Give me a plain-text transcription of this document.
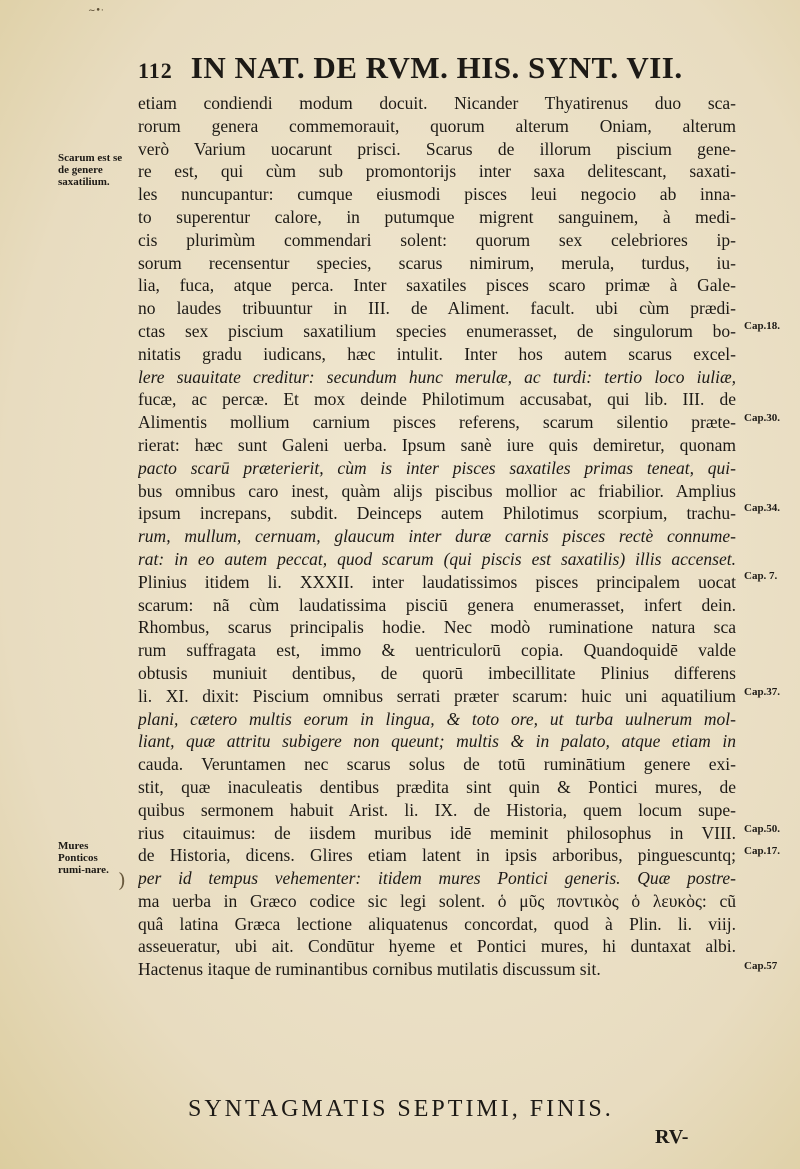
~•·
112 IN NAT. DE RVM. HIS. SYNT. VII.
etiam condiendi modum docuit. Nicander Thyatirenus duo sca-
rorum genera commemorauit, quorum alterum Oniam, alterum
verò Varium uocarunt prisci. Scarus de illorum piscium gene-
re est, qui cùm sub promontorijs inter saxa delitescant, saxati-
les nuncupantur: cumque eiusmodi pisces leui negocio ab inna-
to superentur calore, in putumque migrent sanguinem, à medi-
cis plurimùm commendari solent: quorum sex celebriores ip-
sorum recensentur species, scarus nimirum, merula, turdus, iu-
lia, fuca, atque perca. Inter saxatiles pisces scaro primæ à Gale-
no laudes tribuuntur in III. de Aliment. facult. ubi cùm prædi-
ctas sex piscium saxatilium species enumerasset, de singulorum bo-
nitatis gradu iudicans, hæc intulit. Inter hos autem scarus excel-
lere suauitate creditur: secundum hunc merulæ, ac turdi: tertio loco iuliæ,
fucæ, ac percæ. Et mox deinde Philotimum accusabat, qui lib. III. de
Alimentis mollium carnium pisces referens, scarum silentio præte-
rierat: hæc sunt Galeni uerba. Ipsum sanè iure quis demiretur, quonam
pacto scarū præterierit, cùm is inter pisces saxatiles primas teneat, qui-
bus omnibus caro inest, quàm alijs piscibus mollior ac friabilior. Amplius
ipsum increpans, subdit. Deinceps autem Philotimus scorpium, trachu-
rum, mullum, cernuam, glaucum inter duræ carnis pisces rectè connume-
rat: in eo autem peccat, quod scarum (qui piscis est saxatilis) illis accenset.
Plinius itidem li. XXXII. inter laudatissimos pisces principalem uocat
scarum: nã cùm laudatissima pisciū genera enumerasset, infert dein.
Rhombus, scarus principalis hodie. Nec modò ruminatione natura sca
rum suffragata est, immo & uentriculorū copia. Quandoquidē valde
obtusis muniuit dentibus, de quorū imbecillitate Plinius differens
li. XI. dixit: Piscium omnibus serrati præter scarum: huic uni aquatilium
plani, cætero multis eorum in lingua, & toto ore, ut turba uulnerum mol-
liant, quæ attritu subigere non queunt; multis & in palato, atque etiam in
cauda. Veruntamen nec scarus solus de totū ruminātium genere exi-
stit, quæ inaculeatis dentibus prædita sint quin & Pontici mures, de
quibus sermonem habuit Arist. li. IX. de Historia, quem locum supe-
rius citauimus: de iisdem muribus idē meminit philosophus in VIII.
de Historia, dicens. Glires etiam latent in ipsis arboribus, pinguescuntq;
per id tempus vehementer: itidem mures Pontici generis. Quæ postre-
ma uerba in Græco codice sic legi solent. ὁ μῦς ποντικὸς ὁ λευκὸς: cũ
quâ latina Græca lectione aliquatenus concordat, quod à Plin. li. viij.
asseueratur, ubi ait. Condūtur hyeme et Pontici mures, hi duntaxat albi.
Hactenus itaque de ruminantibus cornibus mutilatis discussum sit.
Scarum est se de genere saxatilium.
Mures Ponticos rumi-nare. )
Cap.18.
Cap.30.
Cap.34.
Cap. 7.
Cap.37.
Cap.50.
Cap.17.
Cap.57
SYNTAGMATIS SEPTIMI, FINIS.
RV-
